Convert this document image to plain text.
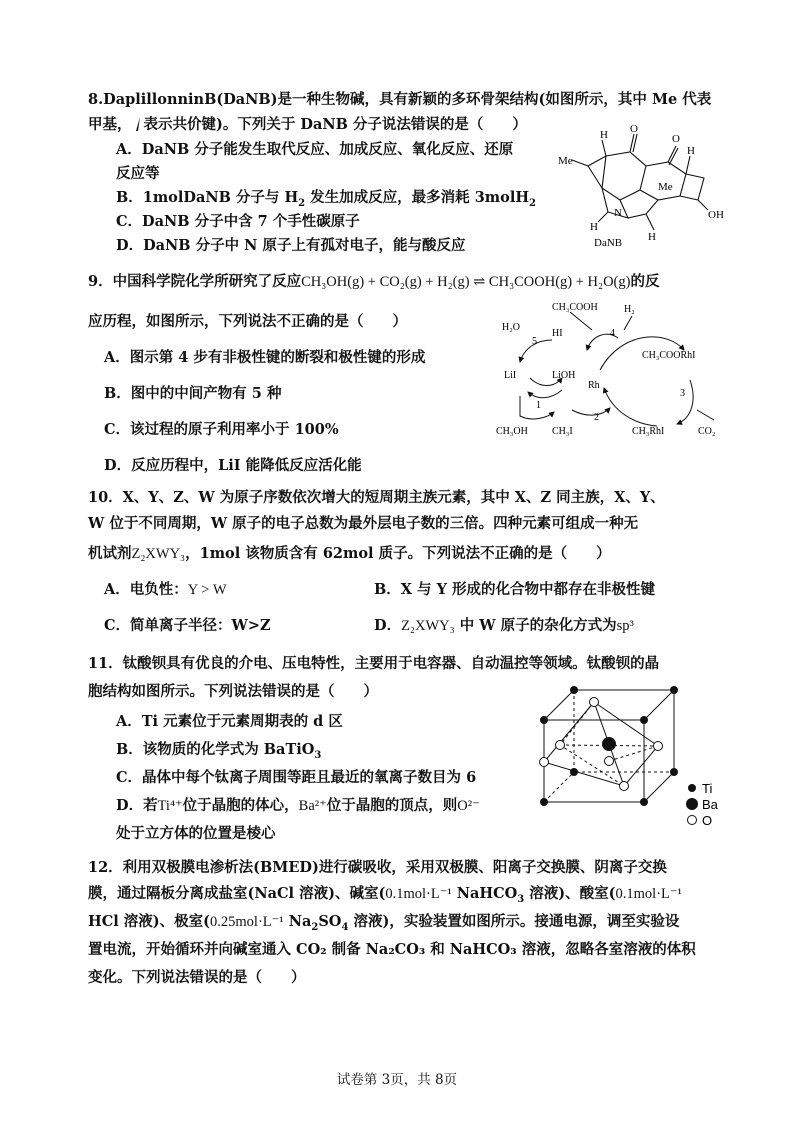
8.DaplillonninB(DaNB)是一种生物碱，具有新颖的多环骨架结构(如图所示，其中 Me 代表
甲基， 表示共价键)。下列关于 DaNB 分子说法错误的是（　　）
A．DaNB 分子能发生取代反应、加成反应、氧化反应、还原
反应等
B．1molDaNB 分子与 $H_2$ 发生加成反应，最多消耗 3molH$_2$
C．DaNB 分子中含 7 个手性碳原子
D．DaNB 分子中 N 原子上有孤对电子，能与酸反应
H O
O
H
Me
Me
OH
N
H
H
DaNB
9．中国科学院化学所研究了反应CH₃OH(g) + CO₂(g) + H₂(g) ⇌ CH₃COOH(g) + H₂O(g)的反
应历程，如图所示，下列说法不正确的是（　　）
A．图示第 4 步有非极性键的断裂和极性键的形成
B．图中的中间产物有 5 种
C．该过程的原子利用率小于 100%
D．反应历程中，LiI 能降低反应活化能
CH₃COOH	H₂
H₂O
HI
LiI	LiOH
Rh
CH₃COORhI
CH₃OH CH₃I	CH₃RhI	CO₂
1
2
3
4
5
10．X、Y、Z、W 为原子序数依次增大的短周期主族元素，其中 X、Z 同主族，X、Y、
W 位于不同周期，W 原子的电子总数为最外层电子数的三倍。四种元素可组成一种无
机试剂Z₂XWY₃，1mol 该物质含有 62mol 质子。下列说法不正确的是（　　）
A．电负性：Y > W	B．X 与 Y 形成的化合物中都存在非极性键
C．简单离子半径：W>Z	D．Z₂XWY₃ 中 W 原子的杂化方式为sp³
11．钛酸钡具有优良的介电、压电特性，主要用于电容器、自动温控等领域。钛酸钡的晶
胞结构如图所示。下列说法错误的是（　　）
A．Ti 元素位于元素周期表的 d 区
B．该物质的化学式为 BaTiO$_3$
C．晶体中每个钛离子周围等距且最近的氧离子数目为 6
D．若Ti⁴⁺位于晶胞的体心，Ba²⁺位于晶胞的顶点，则O²⁻
处于立方体的位置是棱心
Ti
Ba
O
12．利用双极膜电渗析法(BMED)进行碳吸收，采用双极膜、阳离子交换膜、阴离子交换
膜，通过隔板分离成盐室(NaCl 溶液)、碱室(0.1mol·L⁻¹ NaHCO$_3$ 溶液)、酸室(0.1mol·L⁻¹
HCl 溶液)、极室(0.25mol·L⁻¹ $Na_2SO_4$ 溶液)，实验装置如图所示。接通电源，调至实验设
置电流，开始循环并向碱室通入 CO₂ 制备 Na₂CO₃ 和 NaHCO₃ 溶液，忽略各室溶液的体积
变化。下列说法错误的是（　　）
试卷第 3页，共 8页
